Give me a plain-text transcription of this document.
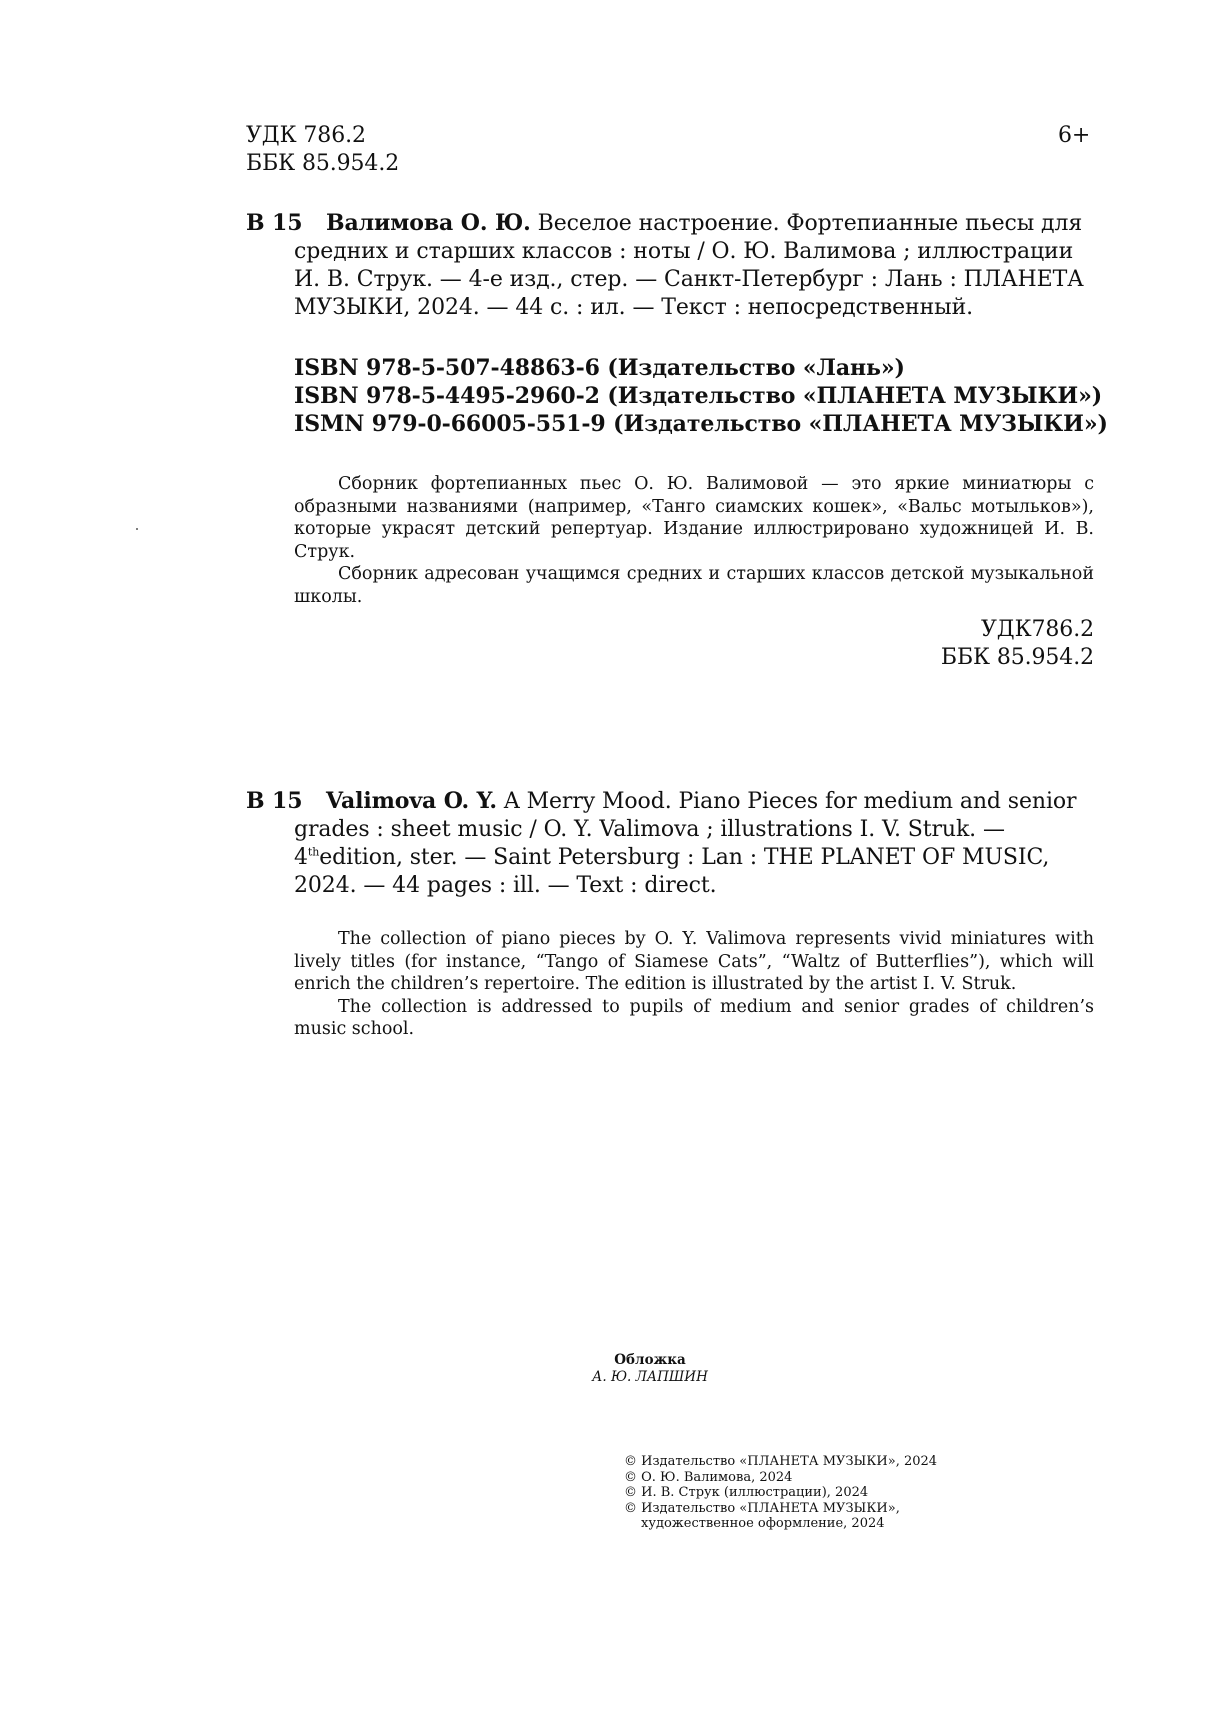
УДК 786.2
ББК 85.954.2
6+
В 15	Валимова О. Ю. Веселое настроение. Фортепианные пьесы для
средних и старших классов : ноты / О. Ю. Валимова ; иллюстрации
И. В. Струк. — 4-е изд., стер. — Санкт-Петербург : Лань : ПЛАНЕТА
МУЗЫКИ, 2024. — 44 с. : ил. — Текст : непосредственный.
ISBN 978-5-507-48863-6 (Издательство «Лань»)
ISBN 978-5-4495-2960-2 (Издательство «ПЛАНЕТА МУЗЫКИ»)
ISMN 979-0-66005-551-9 (Издательство «ПЛАНЕТА МУЗЫКИ»)

Сборник фортепианных пьес О. Ю. Валимовой — это яркие миниатюры с образными названиями (например, «Танго сиамских кошек», «Вальс мотыльков»), которые украсят детский репертуар. Издание иллюстрировано художницей И. В. Струк.

Сборник адресован учащимся средних и старших классов детской музыкальной школы.

УДК786.2
ББК 85.954.2
В 15	Valimova O. Y. A Merry Mood. Piano Pieces for medium and senior
grades : sheet music / O. Y. Valimova ; illustrations I. V. Struk. —
4thedition, ster. — Saint Petersburg : Lan : THE PLANET OF MUSIC,
2024. — 44 pages : ill. — Text : direct.

The collection of piano pieces by O. Y. Valimova represents vivid miniatures with lively titles (for instance, “Tango of Siamese Cats”, “Waltz of Butterflies”), which will enrich the children’s repertoire. The edition is illustrated by the artist I. V. Struk.

The collection is addressed to pupils of medium and senior grades of children’s music school.

Обложка
А. Ю. ЛАПШИН
© Издательство «ПЛАНЕТА МУЗЫКИ», 2024
© О. Ю. Валимова, 2024
© И. В. Струк (иллюстрации), 2024
© Издательство «ПЛАНЕТА МУЗЫКИ»,
художественное оформление, 2024
